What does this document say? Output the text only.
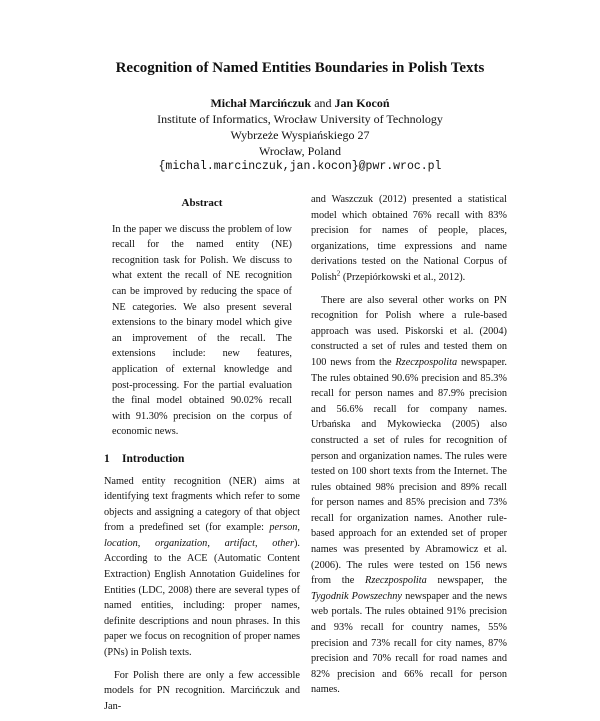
Recognition of Named Entities Boundaries in Polish Texts
Michał Marcińczuk and Jan Kocoń
Institute of Informatics, Wrocław University of Technology
Wybrzeże Wyspiańskiego 27
Wrocław, Poland
{michal.marcinczuk,jan.kocon}@pwr.wroc.pl
Abstract

In the paper we discuss the problem of low recall for the named entity (NE) recognition task for Polish. We discuss to what extent the recall of NE recognition can be improved by reducing the space of NE categories. We also present several extensions to the binary model which give an improvement of the recall. The extensions include: new features, application of external knowledge and post-processing. For the partial evaluation the final model obtained 90.02% recall with 91.30% precision on the corpus of economic news.

1 Introduction

Named entity recognition (NER) aims at identifying text fragments which refer to some objects and assigning a category of that object from a predefined set (for example: person, location, organization, artifact, other). According to the ACE (Automatic Content Extraction) English Annotation Guidelines for Entities (LDC, 2008) there are several types of named entities, including: proper names, definite descriptions and noun phrases. In this paper we focus on recognition of proper names (PNs) in Polish texts.

For Polish there are only a few accessible models for PN recognition. Marcińczuk and Jan-

and Waszczuk (2012) presented a statistical model which obtained 76% recall with 83% precision for names of people, places, organizations, time expressions and name derivations tested on the National Corpus of Polish$^2$ (Przepiórkowski et al., 2012).

There are also several other works on PN recognition for Polish where a rule-based approach was used. Piskorski et al. (2004) constructed a set of rules and tested them on 100 news from the Rzeczpospolita newspaper. The rules obtained 90.6% precision and 85.3% recall for person names and 87.9% precision and 56.6% recall for company names. Urbańska and Mykowiecka (2005) also constructed a set of rules for recognition of person and organization names. The rules were tested on 100 short texts from the Internet. The rules obtained 98% precision and 89% recall for person names and 85% precision and 73% recall for organization names. Another rule-based approach for an extended set of proper names was presented by Abramowicz et al. (2006). The rules were tested on 156 news from the Rzeczpospolita newspaper, the Tygodnik Powszechny newspaper and the news web portals. The rules obtained 91% precision and 93% recall for country names, 55% precision and 73% recall for city names, 87% precision and 70% recall for road names and 82% precision and 66% recall for person names.
